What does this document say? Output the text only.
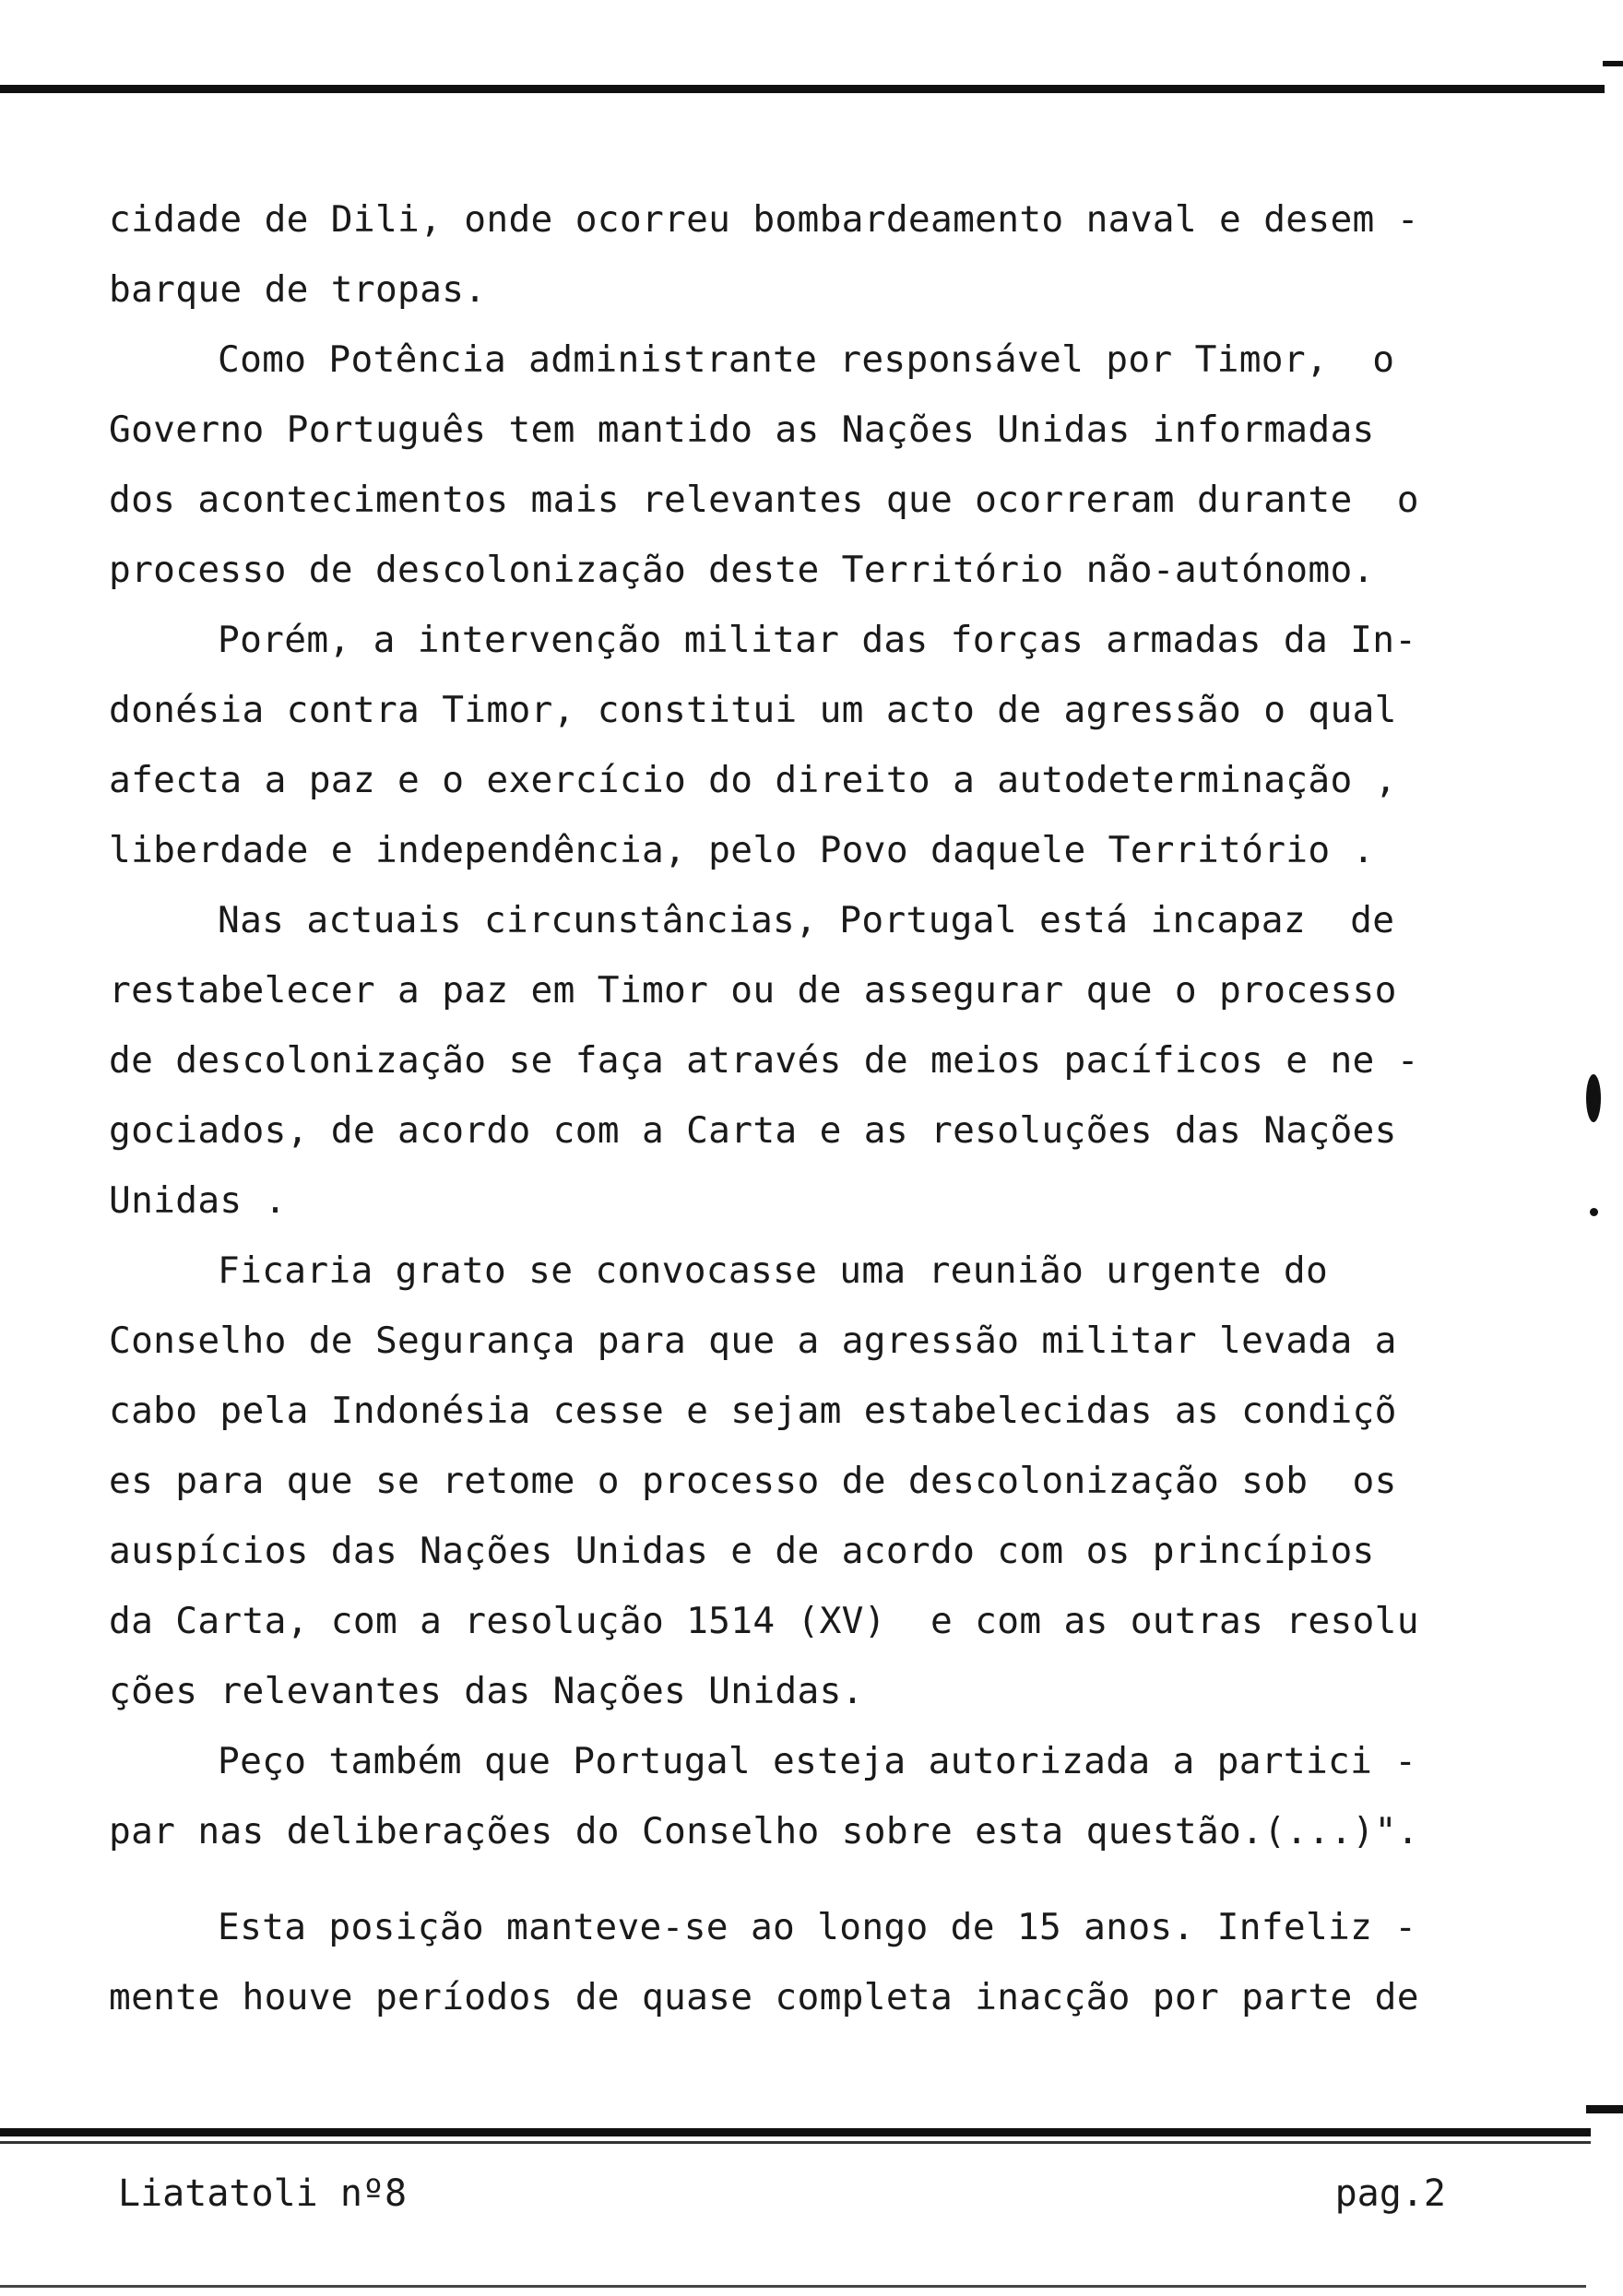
cidade de Dili, onde ocorreu bombardeamento naval e desem -
barque de tropas.
Como Potência administrante responsável por Timor,  o
Governo Português tem mantido as Nações Unidas informadas
dos acontecimentos mais relevantes que ocorreram durante  o
processo de descolonização deste Território não-autónomo.
Porém, a intervenção militar das forças armadas da In-
donésia contra Timor, constitui um acto de agressão o qual
afecta a paz e o exercício do direito a autodeterminação ,
liberdade e independência, pelo Povo daquele Território .
Nas actuais circunstâncias, Portugal está incapaz  de
restabelecer a paz em Timor ou de assegurar que o processo
de descolonização se faça através de meios pacíficos e ne -
gociados, de acordo com a Carta e as resoluções das Nações
Unidas .
Ficaria grato se convocasse uma reunião urgente do
Conselho de Segurança para que a agressão militar levada a
cabo pela Indonésia cesse e sejam estabelecidas as condiçõ
es para que se retome o processo de descolonização sob  os
auspícios das Nações Unidas e de acordo com os princípios
da Carta, com a resolução 1514 (XV)  e com as outras resolu
ções relevantes das Nações Unidas.
Peço também que Portugal esteja autorizada a partici -
par nas deliberações do Conselho sobre esta questão.(...)".
Esta posição manteve-se ao longo de 15 anos. Infeliz -
mente houve períodos de quase completa inacção por parte de
Liatatoli nº8	pag.2
